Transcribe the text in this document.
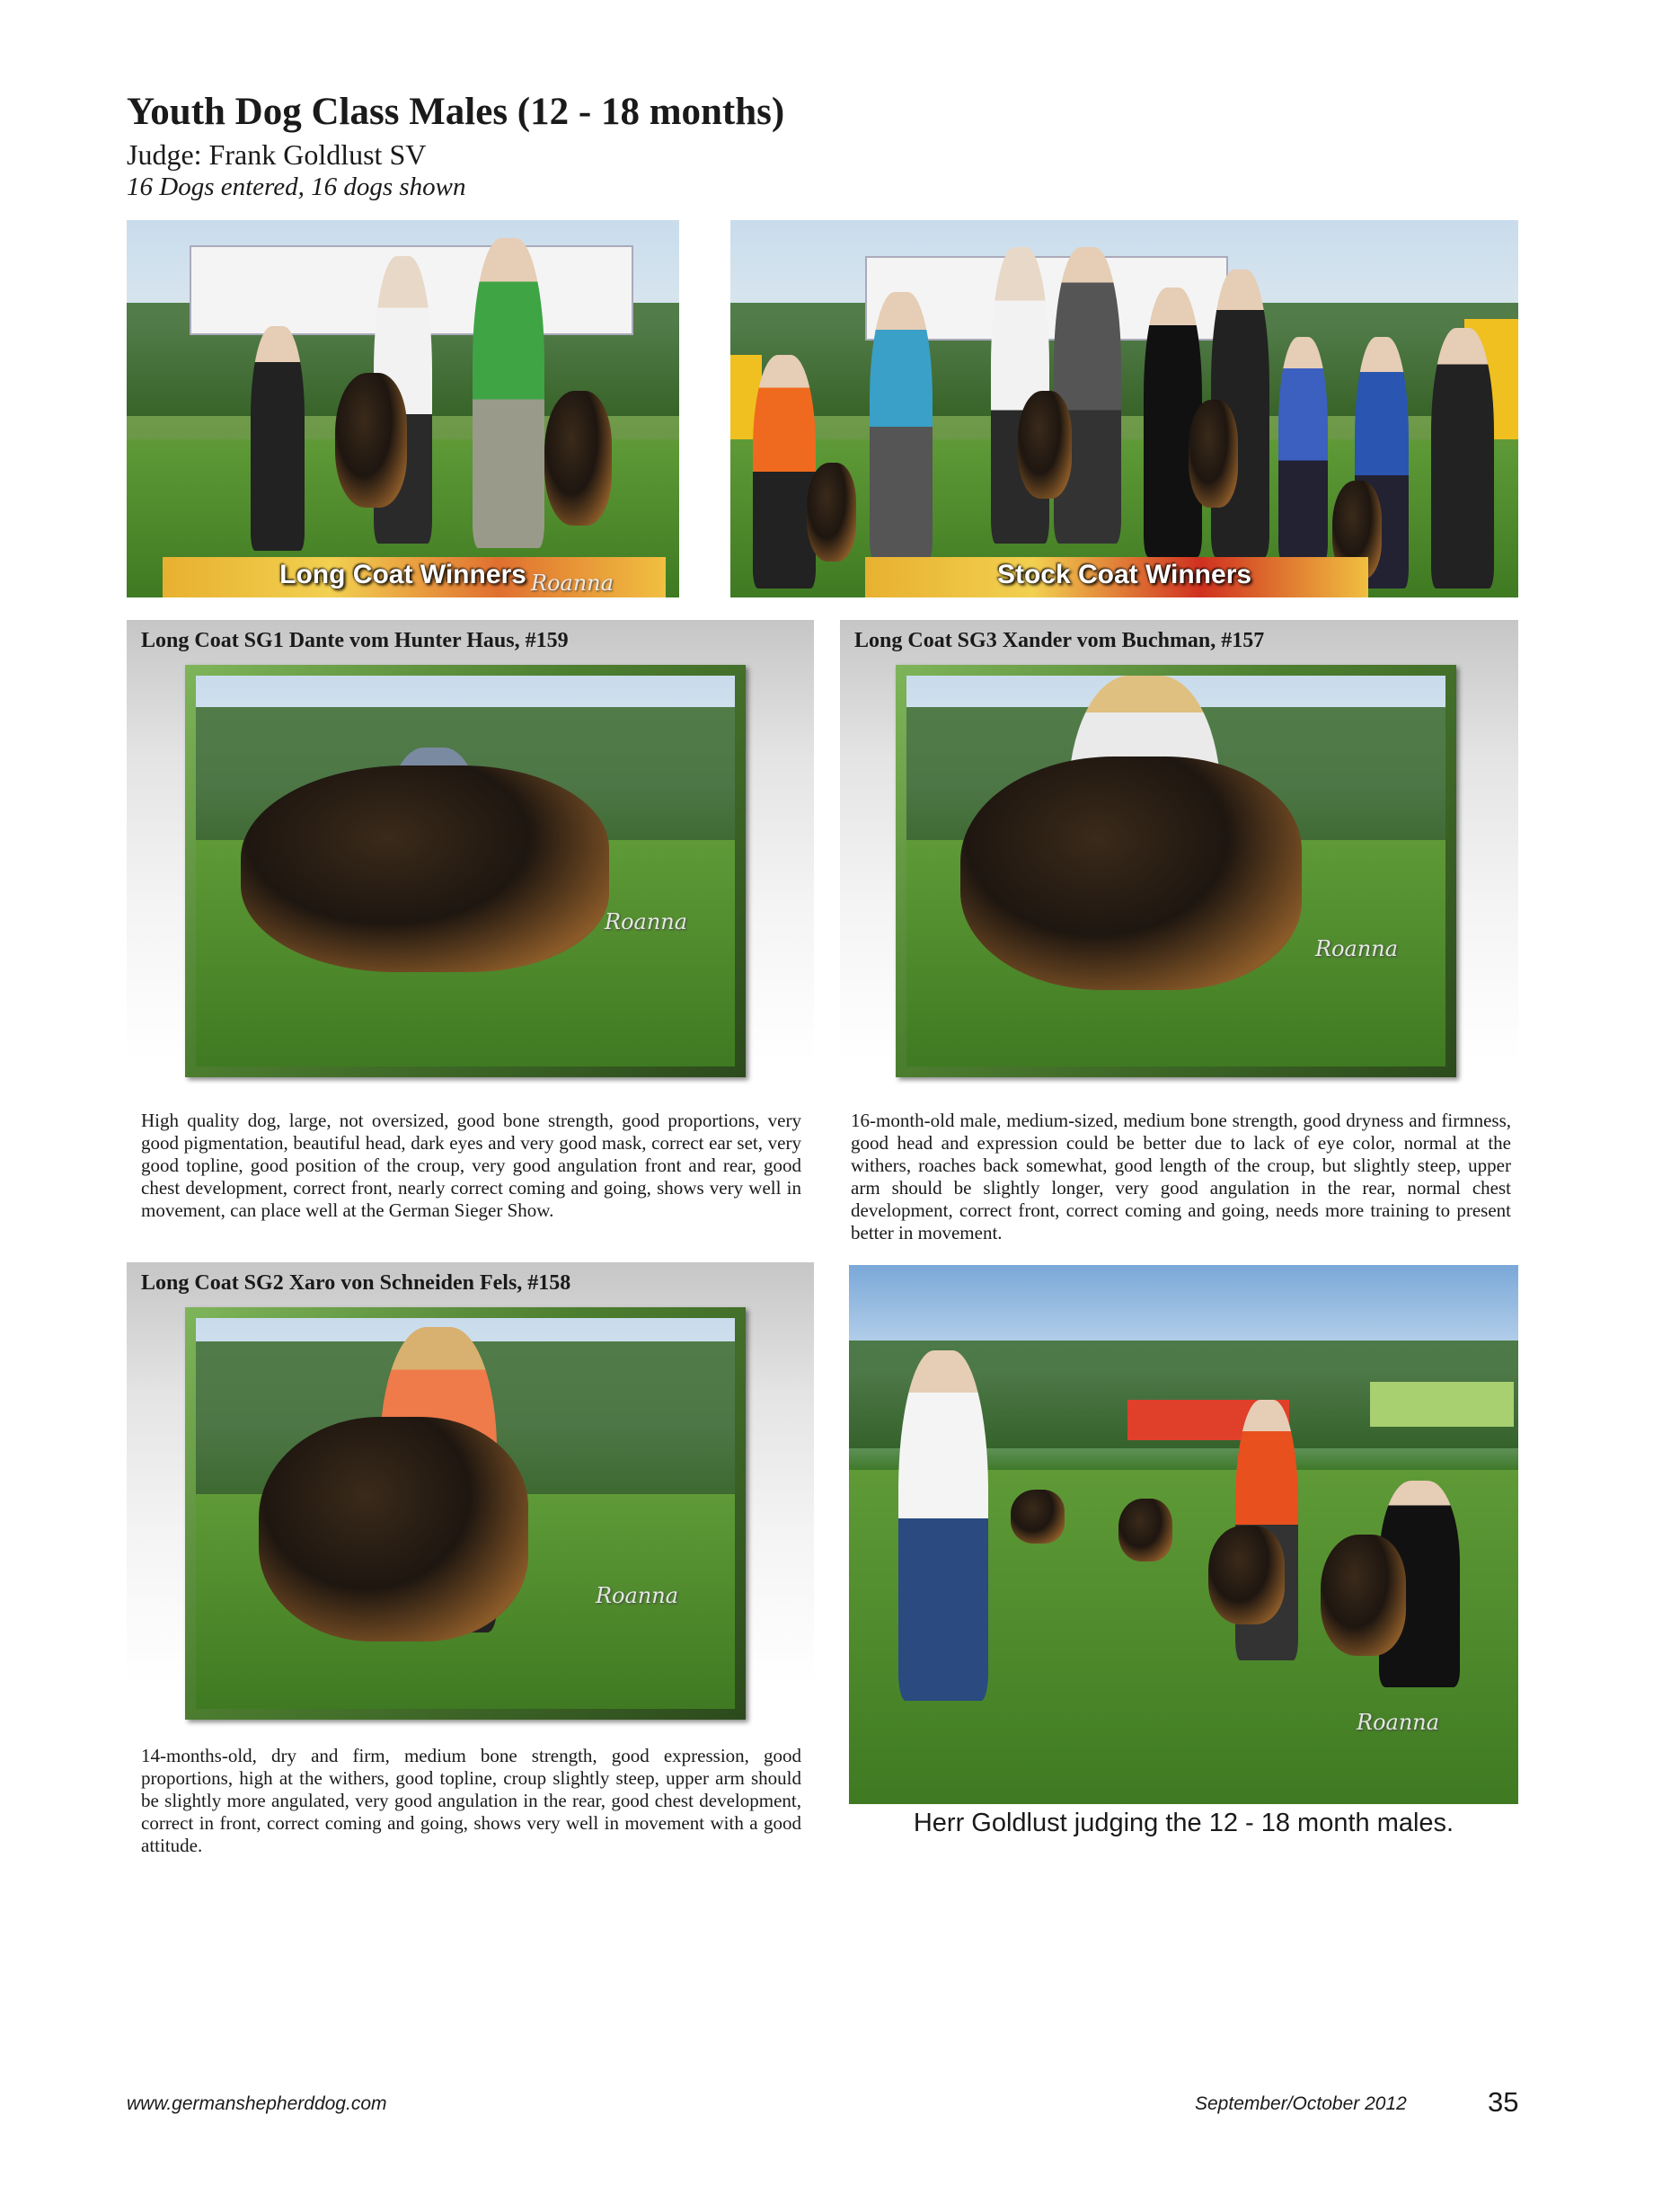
Youth Dog Class Males (12 - 18 months)
Judge: Frank Goldlust SV
16 Dogs entered, 16 dogs shown
Long Coat Winners Roanna	Stock Coat Winners
Long Coat SG1 Dante vom Hunter Haus, #159
Roanna
High quality dog, large, not oversized, good bone strength, good proportions, very good pigmentation, beautiful head, dark eyes and very good mask, correct ear set, very good topline, good position of the croup, very good angulation front and rear, good chest development, correct front, nearly correct coming and going, shows very well in movement, can place well at the German Sieger Show.
Long Coat SG3 Xander vom Buchman, #157
Roanna
16-month-old male, medium-sized, medium bone strength, good dryness and firmness, good head and expression could be better due to lack of eye color, normal at the withers, roaches back somewhat, good length of the croup, but slightly steep, upper arm should be slightly longer, very good angulation in the rear, normal chest development, correct front, correct coming and going, needs more training to present better in movement.
Long Coat SG2 Xaro von Schneiden Fels, #158
Roanna
14-months-old, dry and firm, medium bone strength, good expression, good proportions, high at the withers, good topline, croup slightly steep, upper arm should be slightly more angulated, very good angulation in the rear, good chest development, correct in front, correct coming and going, shows very well in movement with a good attitude.
Roanna
Herr Goldlust judging the 12 - 18 month males.
www.germanshepherddog.com	September/October 2012	35
